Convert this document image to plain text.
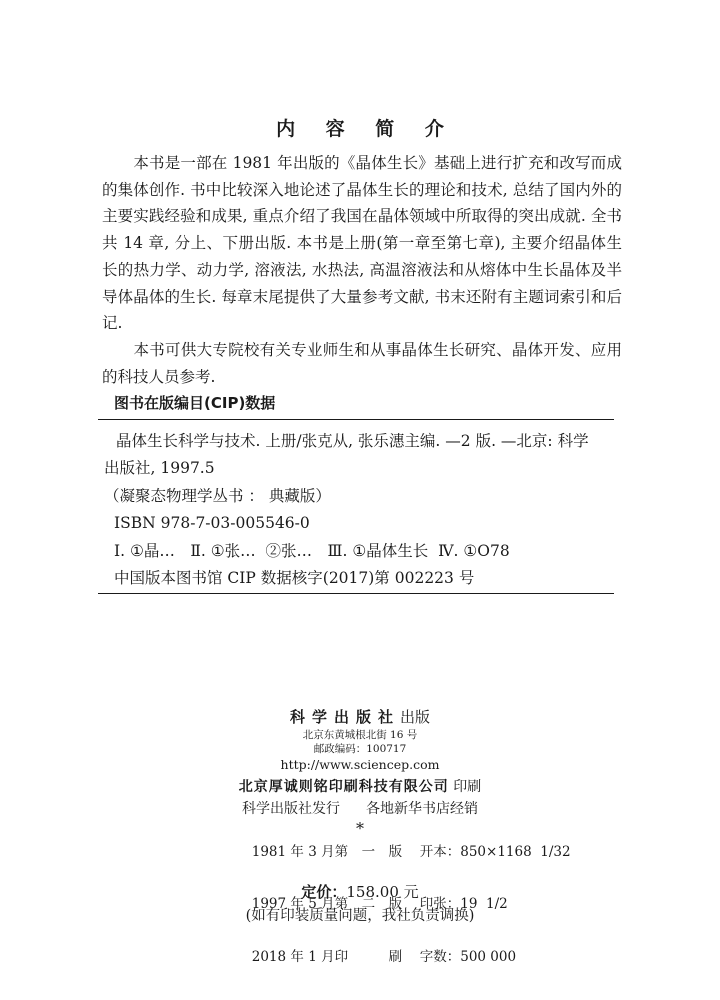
内 容 简 介

　　本书是一部在 1981 年出版的《晶体生长》基础上进行扩充和改写而成的集体创作. 书中比较深入地论述了晶体生长的理论和技术, 总结了国内外的主要实践经验和成果, 重点介绍了我国在晶体领域中所取得的突出成就. 全书共 14 章, 分上、下册出版. 本书是上册(第一章至第七章), 主要介绍晶体生长的热力学、动力学, 溶液法, 水热法, 高温溶液法和从熔体中生长晶体及半导体晶体的生长. 每章末尾提供了大量参考文献, 书末还附有主题词索引和后记.

　　本书可供大专院校有关专业师生和从事晶体生长研究、晶体开发、应用的科技人员参考.

图书在版编目(CIP)数据
晶体生长科学与技术. 上册/张克从, 张乐潓主编. —2 版. —北京: 科学出版社, 1997.5
（凝聚态物理学丛书 ： 典藏版）
ISBN 978-7-03-005546-0
Ⅰ. ①晶…　Ⅱ. ①张…  ②张…　Ⅲ. ①晶体生长  Ⅳ. ①O78
中国版本图书馆 CIP 数据核字(2017)第 002223 号
科学出版社出版
北京东黄城根北街 16 号
邮政编码：100717
http://www.sciencep.com
北京厚诚则铭印刷科技有限公司 印刷
科学出版社发行 各地新华书店经销
*

1981 年 3 月第　一　版 开本：850×1168  1/32

1997 年 5 月第　二　版 印张：19  1/2

2018 年 1 月印　　　刷 字数：500 000

定价：158.00 元
(如有印装质量问题，我社负责调换)
